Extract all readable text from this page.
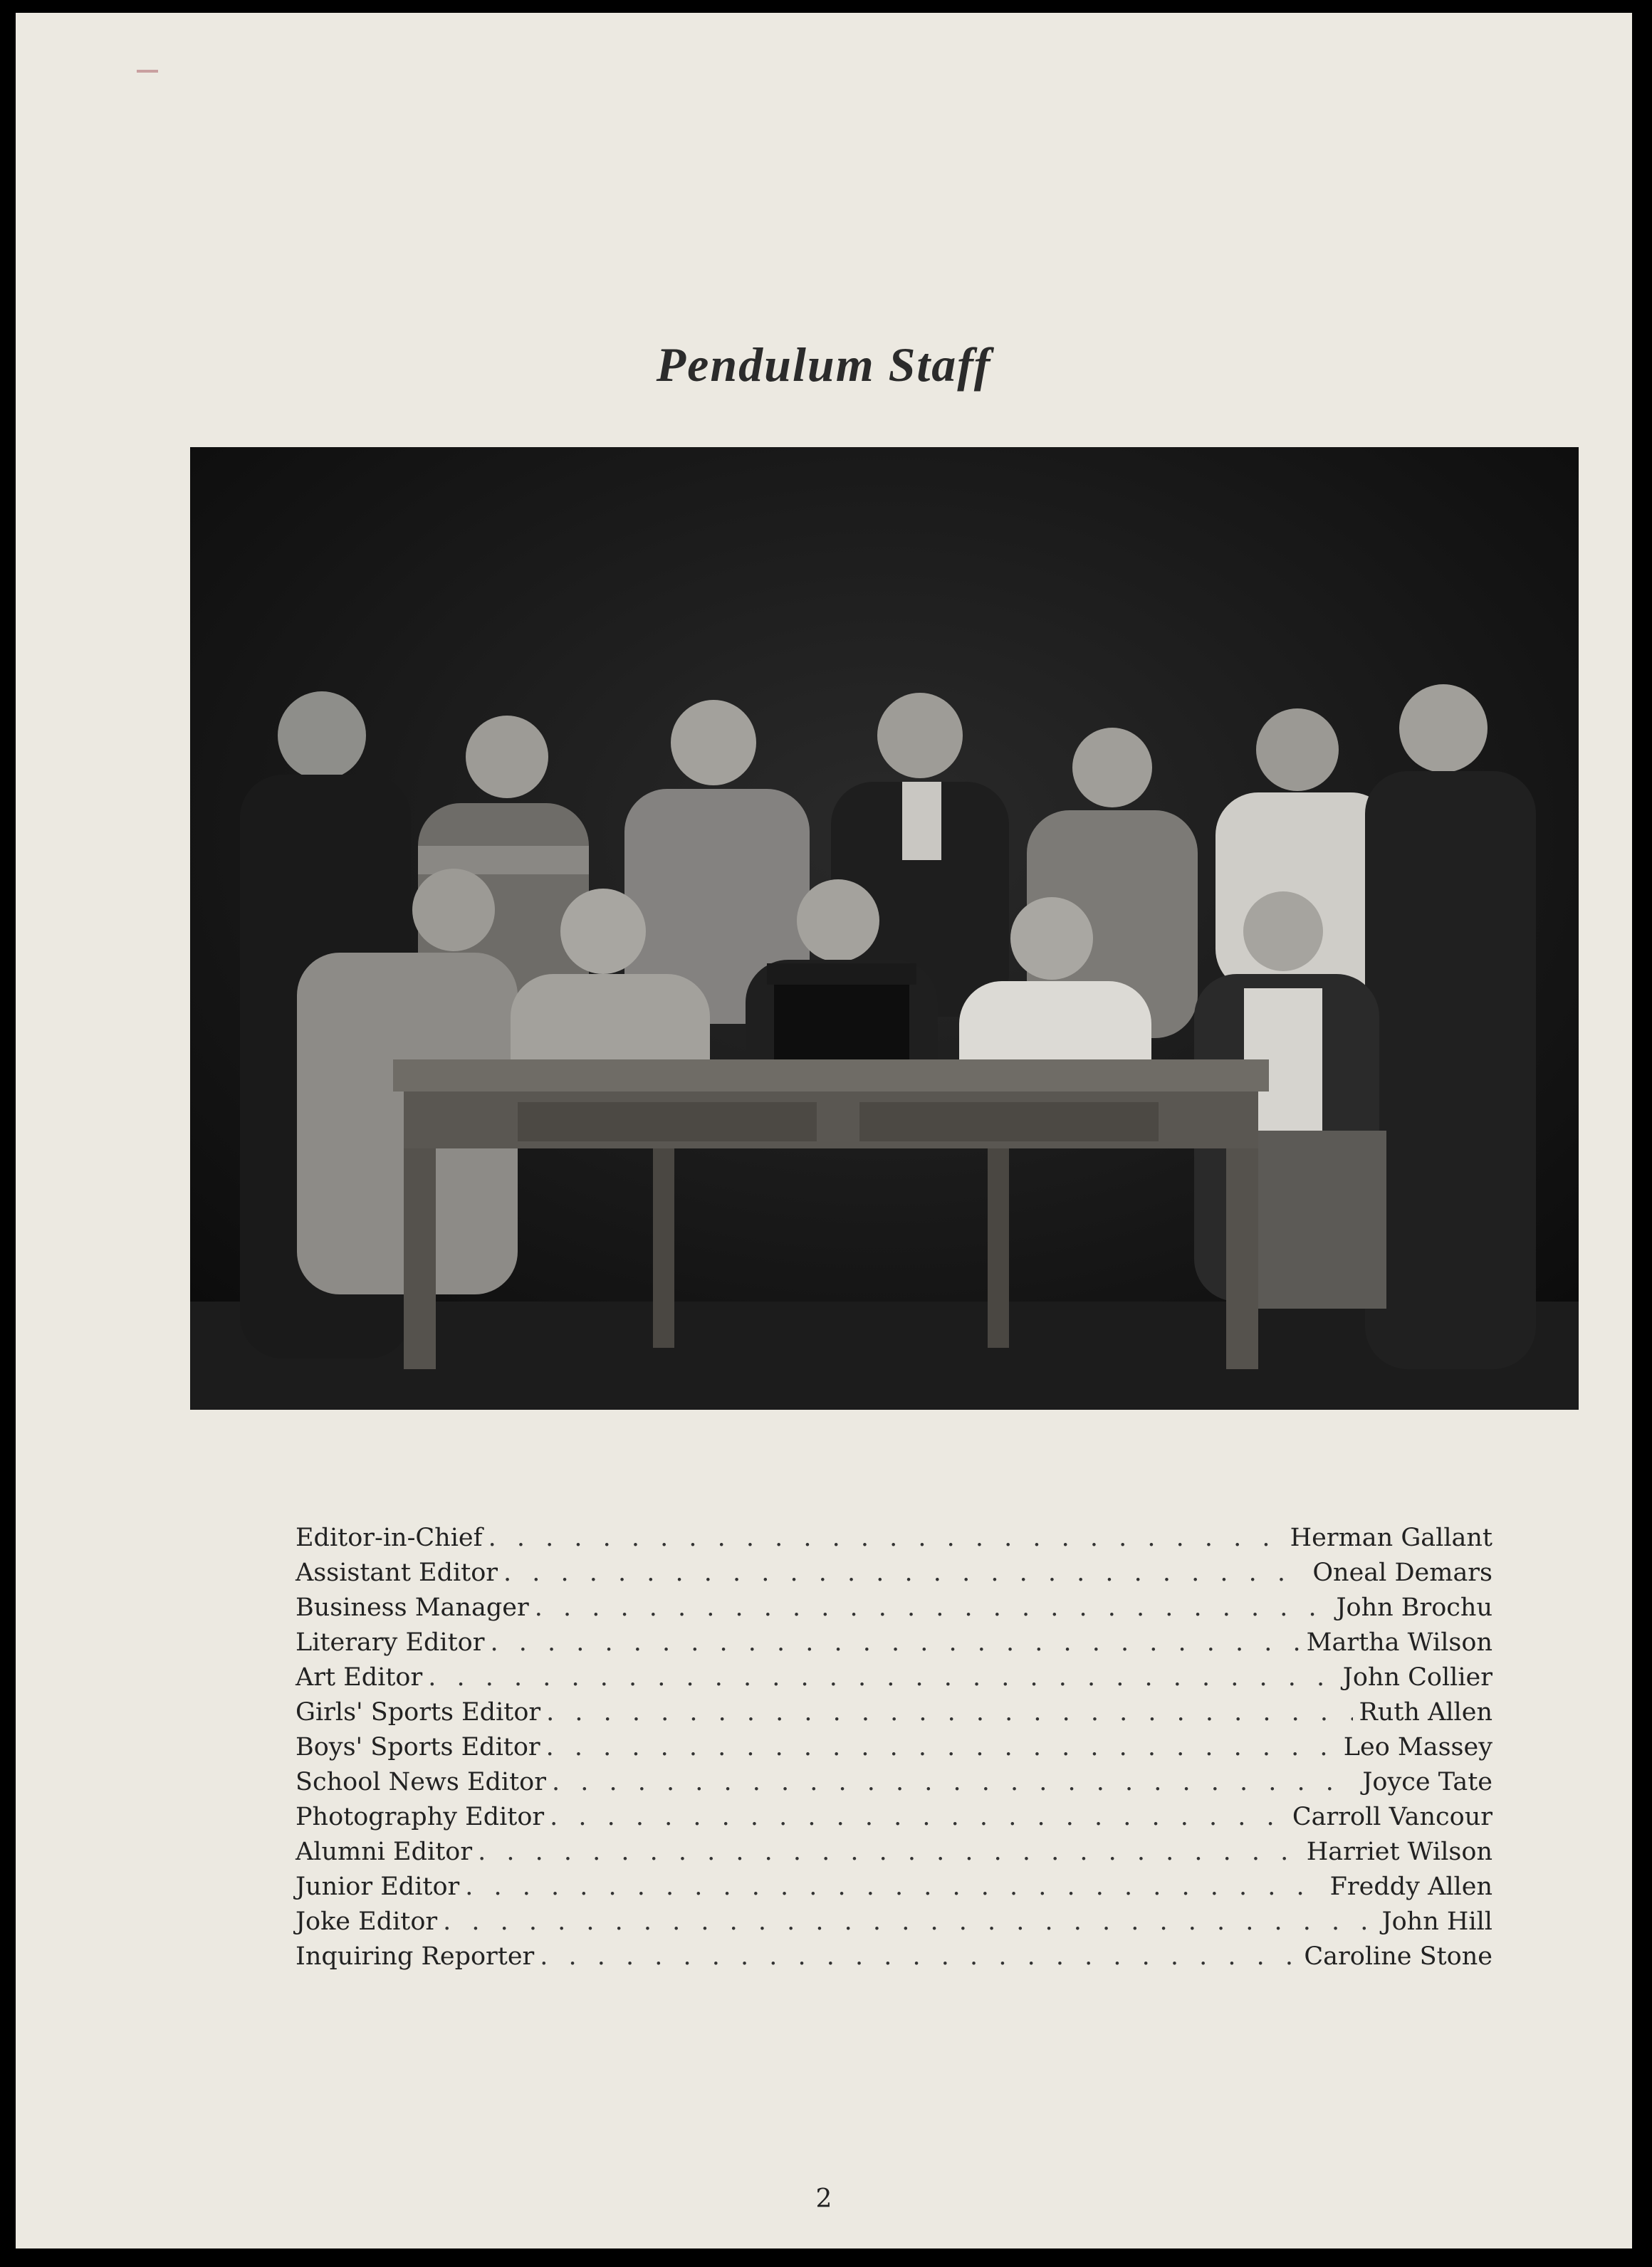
Pendulum Staff
Editor-in-Chief . . .	Herman Gallant
Assistant Editor . . .	Oneal Demars
Business Manager . . .	John Brochu
Literary Editor . . .	Martha Wilson
Art Editor . . .	John Collier
Girls' Sports Editor . . .	Ruth Allen
Boys' Sports Editor . . .	Leo Massey
School News Editor . . .	Joyce Tate
Photography Editor . . .	Carroll Vancour
Alumni Editor . . .	Harriet Wilson
Junior Editor . . .	Freddy Allen
Joke Editor . . .	John Hill
Inquiring Reporter . . .	Caroline Stone
2
